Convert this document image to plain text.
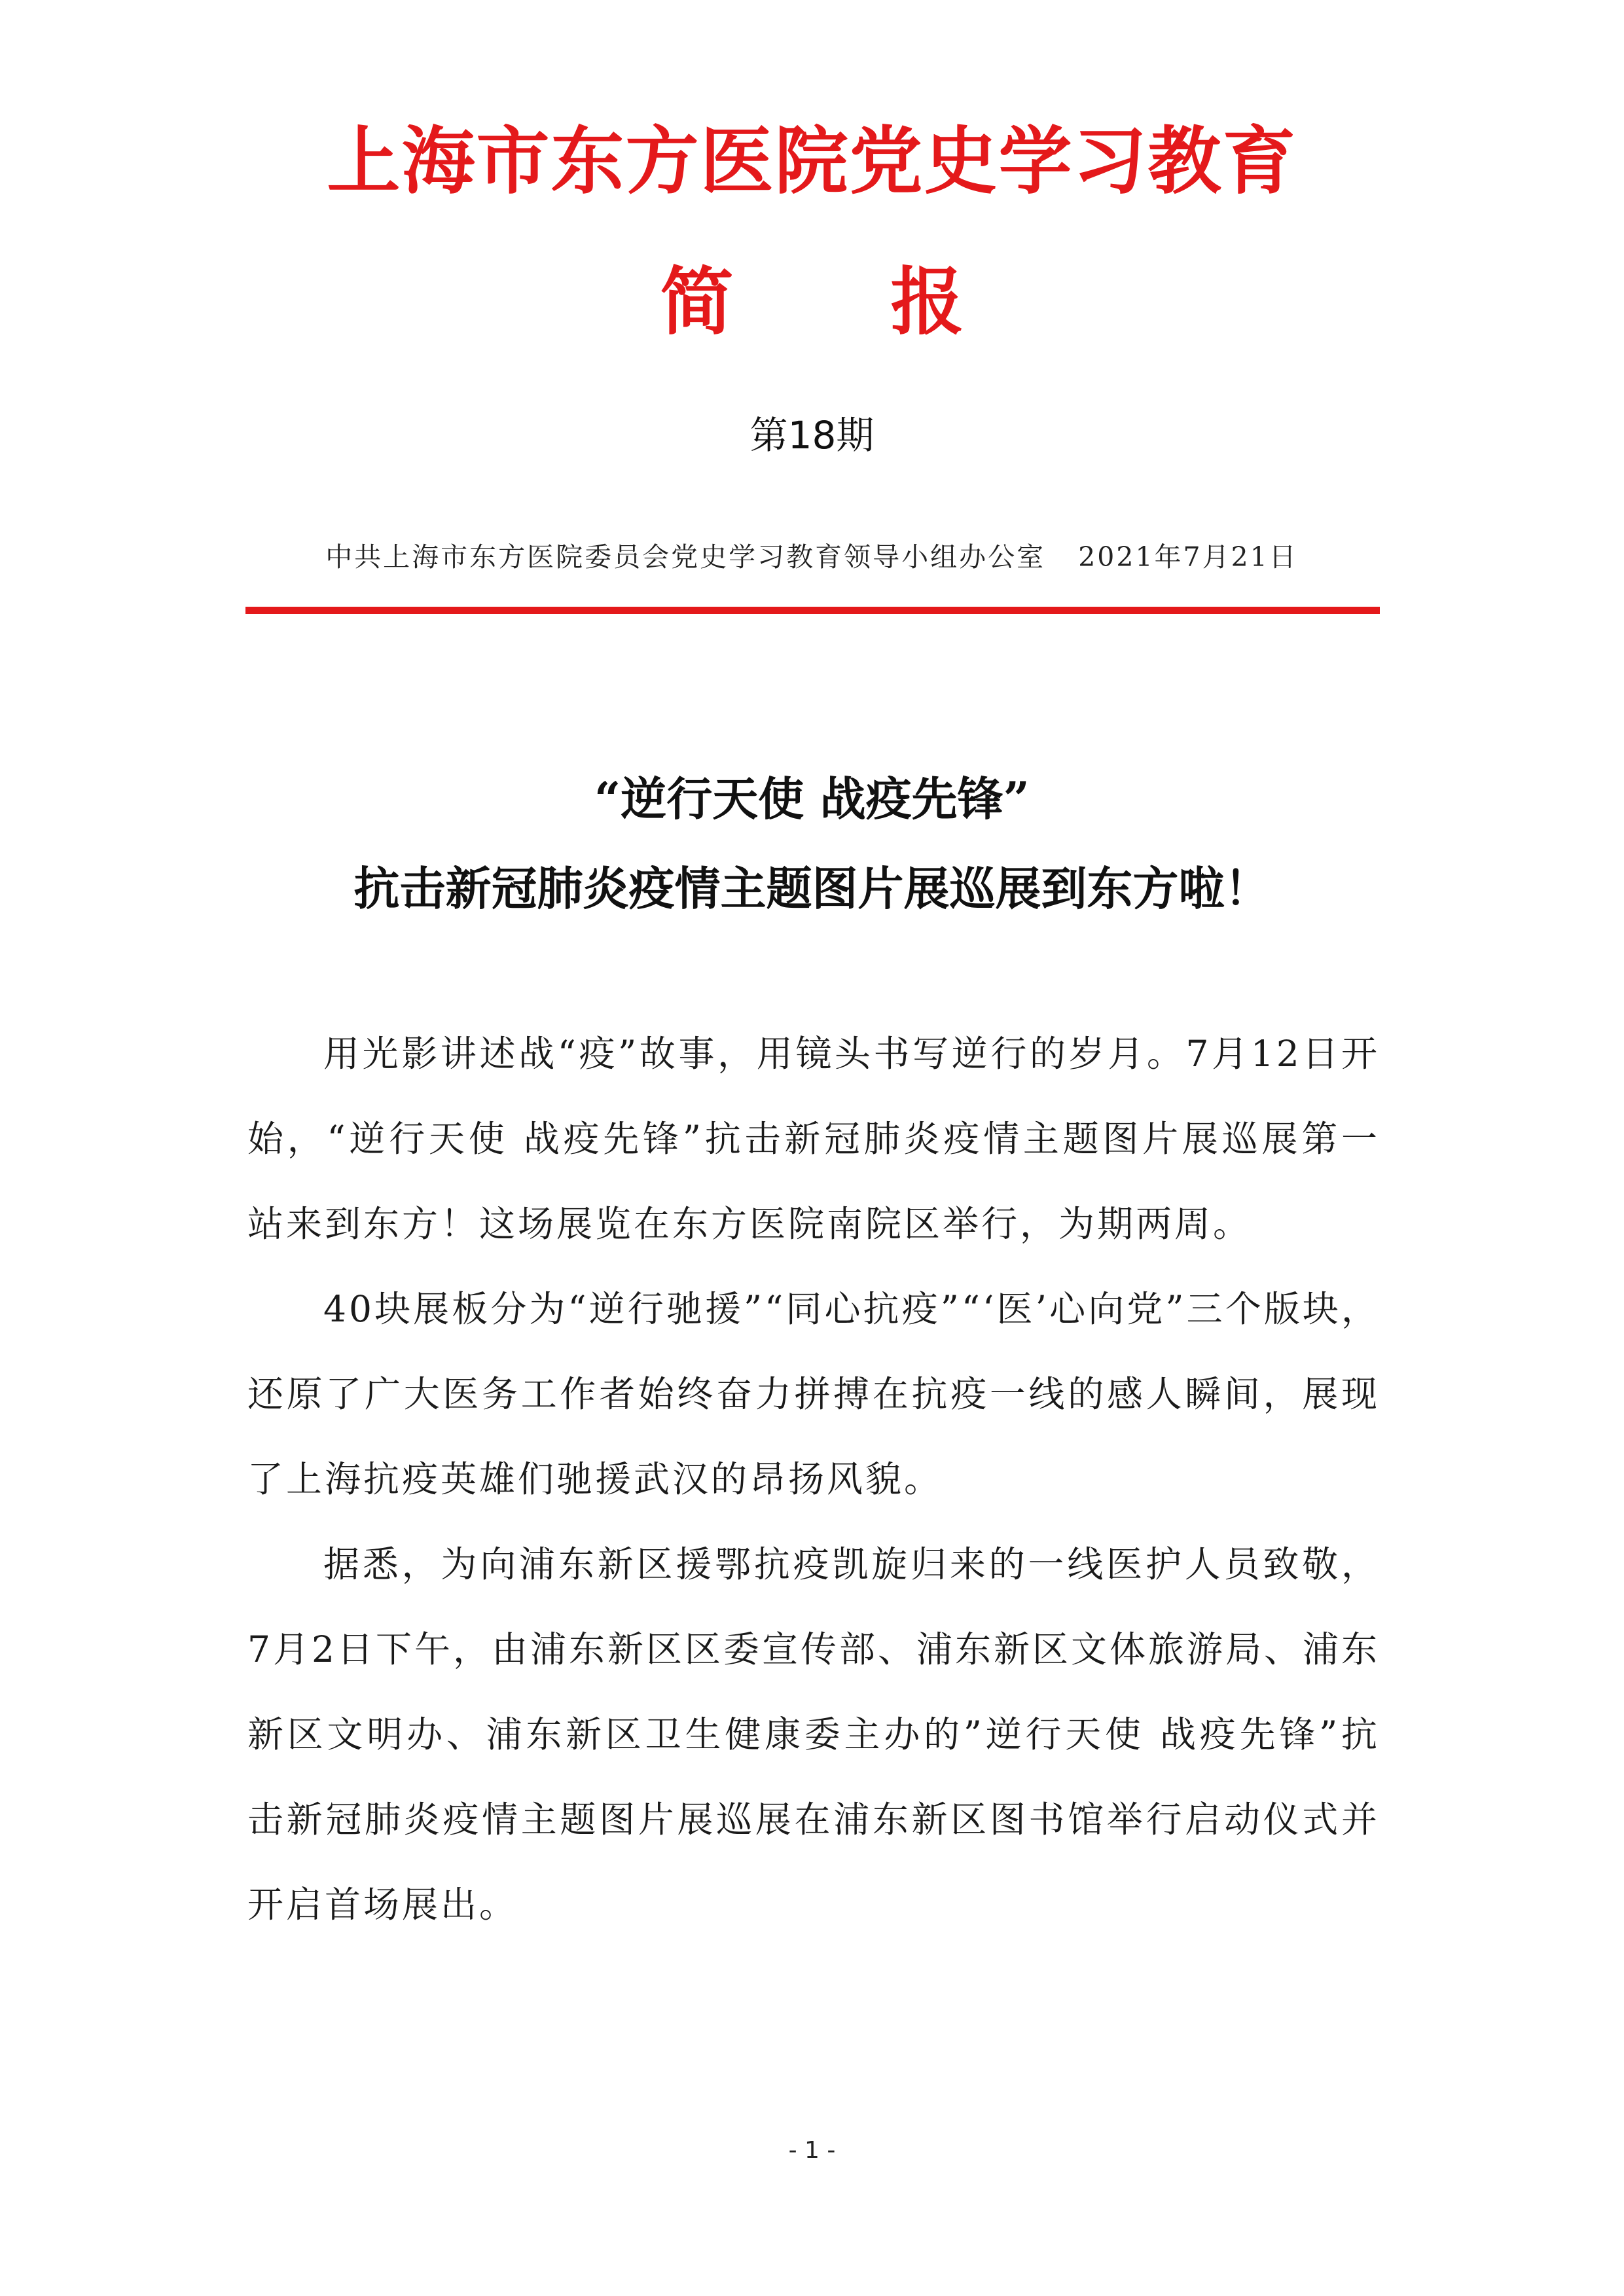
上海市东方医院党史学习教育
简 报
第18期
中共上海市东方医院委员会党史学习教育领导小组办公室 2021年7月21日
“逆行天使 战疫先锋”
抗击新冠肺炎疫情主题图片展巡展到东方啦！

用光影讲述战“疫”故事，用镜头书写逆行的岁月。7月12日开始，“逆行天使 战疫先锋”抗击新冠肺炎疫情主题图片展巡展第一站来到东方！这场展览在东方医院南院区举行，为期两周。

40块展板分为“逆行驰援”“同心抗疫”“‘医’心向党”三个版块，还原了广大医务工作者始终奋力拼搏在抗疫一线的感人瞬间，展现了上海抗疫英雄们驰援武汉的昂扬风貌。

据悉，为向浦东新区援鄂抗疫凯旋归来的一线医护人员致敬，7月2日下午，由浦东新区区委宣传部、浦东新区文体旅游局、浦东新区文明办、浦东新区卫生健康委主办的”逆行天使 战疫先锋”抗击新冠肺炎疫情主题图片展巡展在浦东新区图书馆举行启动仪式并开启首场展出。

- 1 -
